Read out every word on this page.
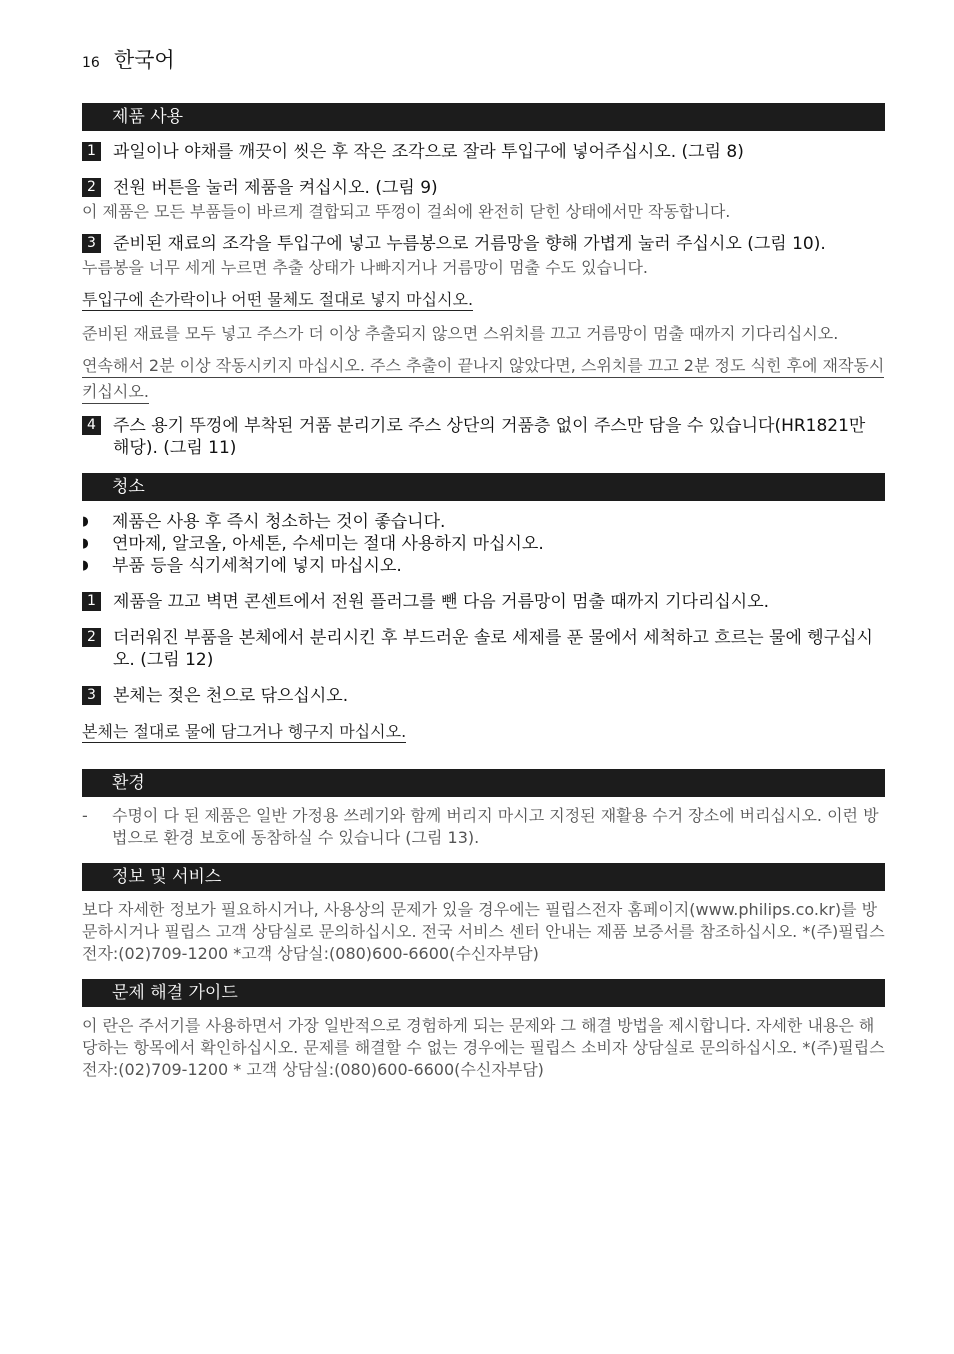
16 한국어
제품 사용
1 과일이나 야채를 깨끗이 씻은 후 작은 조각으로 잘라 투입구에 넣어주십시오. (그림 8)
2 전원 버튼을 눌러 제품을 켜십시오. (그림 9)
이 제품은 모든 부품들이 바르게 결합되고 뚜껑이 걸쇠에 완전히 닫힌 상태에서만 작동합니다.
3 준비된 재료의 조각을 투입구에 넣고 누름봉으로 거름망을 향해 가볍게 눌러 주십시오 (그림 10).
누름봉을 너무 세게 누르면 추출 상태가 나빠지거나 거름망이 멈출 수도 있습니다.
투입구에 손가락이나 어떤 물체도 절대로 넣지 마십시오.
준비된 재료를 모두 넣고 주스가 더 이상 추출되지 않으면 스위치를 끄고 거름망이 멈출 때까지 기다리십시오.
연속해서 2분 이상 작동시키지 마십시오. 주스 추출이 끝나지 않았다면, 스위치를 끄고 2분 정도 식힌 후에 재작동시키십시오.
4 주스 용기 뚜껑에 부착된 거품 분리기로 주스 상단의 거품층 없이 주스만 담을 수 있습니다(HR1821만 해당). (그림 11)
청소
◗	제품은 사용 후 즉시 청소하는 것이 좋습니다.
◗	연마제, 알코올, 아세톤, 수세미는 절대 사용하지 마십시오.
◗	부품 등을 식기세척기에 넣지 마십시오.
1 제품을 끄고 벽면 콘센트에서 전원 플러그를 뺀 다음 거름망이 멈출 때까지 기다리십시오.
2 더러워진 부품을 본체에서 분리시킨 후 부드러운 솔로 세제를 푼 물에서 세척하고 흐르는 물에 헹구십시오. (그림 12)
3 본체는 젖은 천으로 닦으십시오.
본체는 절대로 물에 담그거나 헹구지 마십시오.
환경
-	수명이 다 된 제품은 일반 가정용 쓰레기와 함께 버리지 마시고 지정된 재활용 수거 장소에 버리십시오. 이런 방법으로 환경 보호에 동참하실 수 있습니다 (그림 13).
정보 및 서비스
보다 자세한 정보가 필요하시거나, 사용상의 문제가 있을 경우에는 필립스전자 홈페이지(www.philips.co.kr)를 방문하시거나 필립스 고객 상담실로 문의하십시오. 전국 서비스 센터 안내는 제품 보증서를 참조하십시오. *(주)필립스전자:(02)709-1200 *고객 상담실:(080)600-6600(수신자부담)
문제 해결 가이드
이 란은 주서기를 사용하면서 가장 일반적으로 경험하게 되는 문제와 그 해결 방법을 제시합니다. 자세한 내용은 해당하는 항목에서 확인하십시오. 문제를 해결할 수 없는 경우에는 필립스 소비자 상담실로 문의하십시오. *(주)필립스전자:(02)709-1200 * 고객 상담실:(080)600-6600(수신자부담)
